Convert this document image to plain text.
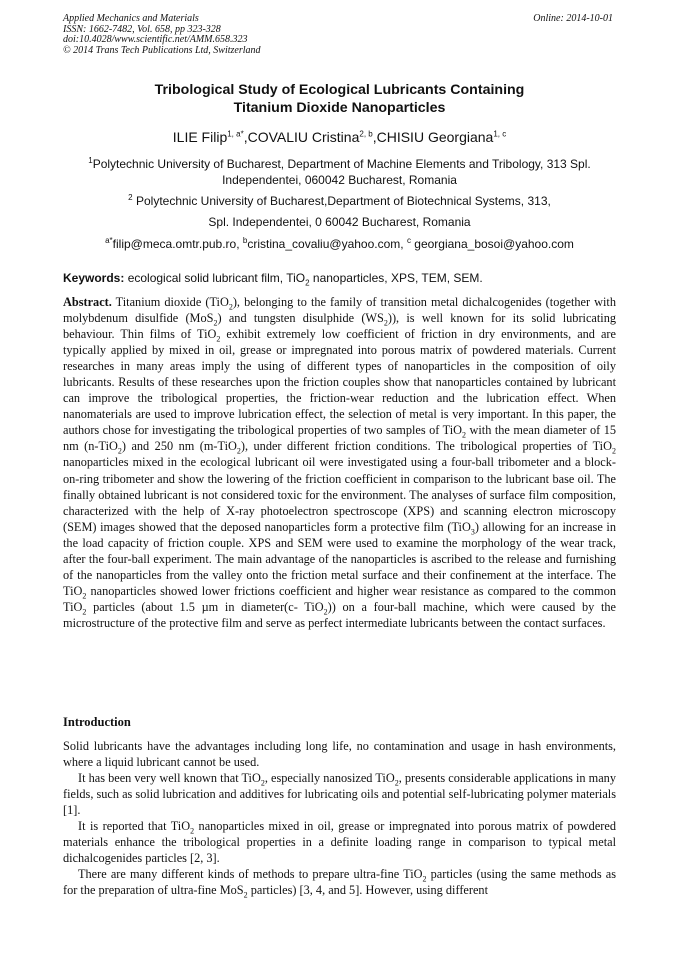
Applied Mechanics and Materials
ISSN: 1662-7482, Vol. 658, pp 323-328
doi:10.4028/www.scientific.net/AMM.658.323
© 2014 Trans Tech Publications Ltd, Switzerland
Online: 2014-10-01
Tribological Study of Ecological Lubricants Containing
Titanium Dioxide Nanoparticles
ILIE Filip$^{1, a*}$,COVALIU Cristina$^{2, b}$,CHISIU Georgiana$^{1, c}$
$^1$Polytechnic University of Bucharest, Department of Machine Elements and Tribology, 313 Spl.
Independentei, 060042 Bucharest, Romania
$^2$ Polytechnic University of Bucharest,Department of Biotechnical Systems, 313,
Spl. Independentei, 0 60042 Bucharest, Romania
$^{a*}$filip@meca.omtr.pub.ro, $^b$cristina_covaliu@yahoo.com, $^c$ georgiana_bosoi@yahoo.com
Keywords: ecological solid lubricant film, TiO$_2$ nanoparticles, XPS, TEM, SEM.

Abstract. Titanium dioxide (TiO$_2$), belonging to the family of transition metal dichalcogenides (together with molybdenum disulfide (MoS$_2$) and tungsten disulphide $(WS_2)$), is well known for its solid lubricating behaviour. Thin films of TiO$_2$ exhibit extremely low coefficient of friction in dry environments, and are typically applied by mixed in oil, grease or impregnated into porous matrix of powdered materials. Current researches in many areas imply the using of different types of nanoparticles in the composition of oily lubricants. Results of these researches upon the friction couples show that nanoparticles contained by lubricant can improve the tribological properties, the friction-wear reduction and the lubrication effect. When nanomaterials are used to improve lubrication effect, the selection of metal is very important. In this paper, the authors chose for investigating the tribological properties of two samples of TiO$_2$ with the mean diameter of 15 nm (n-TiO$_2$) and 250 nm (m-TiO$_2$), under different friction conditions. The tribological properties of TiO$_2$ nanoparticles mixed in the ecological lubricant oil were investigated using a four-ball tribometer and a block-on-ring tribometer and show the lowering of the friction coefficient in comparison to the lubricant base oil. The finally obtained lubricant is not considered toxic for the environment. The analyses of surface film composition, characterized with the help of X-ray photoelectron spectroscope (XPS) and scanning electron microscopy (SEM) images showed that the deposed nanoparticles form a protective film (TiO$_3$) allowing for an increase in the load capacity of friction couple. XPS and SEM were used to examine the morphology of the wear track, after the four-ball experiment. The main advantage of the nanoparticles is ascribed to the release and furnishing of the nanoparticles from the valley onto the friction metal surface and their confinement at the interface. The TiO$_2$ nanoparticles showed lower frictions coefficient and higher wear resistance as compared to the common TiO$_2$ particles (about 1.5 µm in diameter(c- TiO$_2$)) on a four-ball machine, which were caused by the microstructure of the protective film and serve as perfect intermediate lubricants between the contact surfaces.

Introduction

Solid lubricants have the advantages including long life, no contamination and usage in hash environments, where a liquid lubricant cannot be used.

It has been very well known that TiO$_2$, especially nanosized TiO$_2$, presents considerable applications in many fields, such as solid lubrication and additives for lubricating oils and potential self-lubricating polymer materials [1].

It is reported that TiO$_2$ nanoparticles mixed in oil, grease or impregnated into porous matrix of powdered materials enhance the tribological properties in a definite loading range in comparison to typical metal dichalcogenides particles [2, 3].

There are many different kinds of methods to prepare ultra-fine TiO$_2$ particles (using the same methods as for the preparation of ultra-fine MoS$_2$ particles) [3, 4, and 5]. However, using different
